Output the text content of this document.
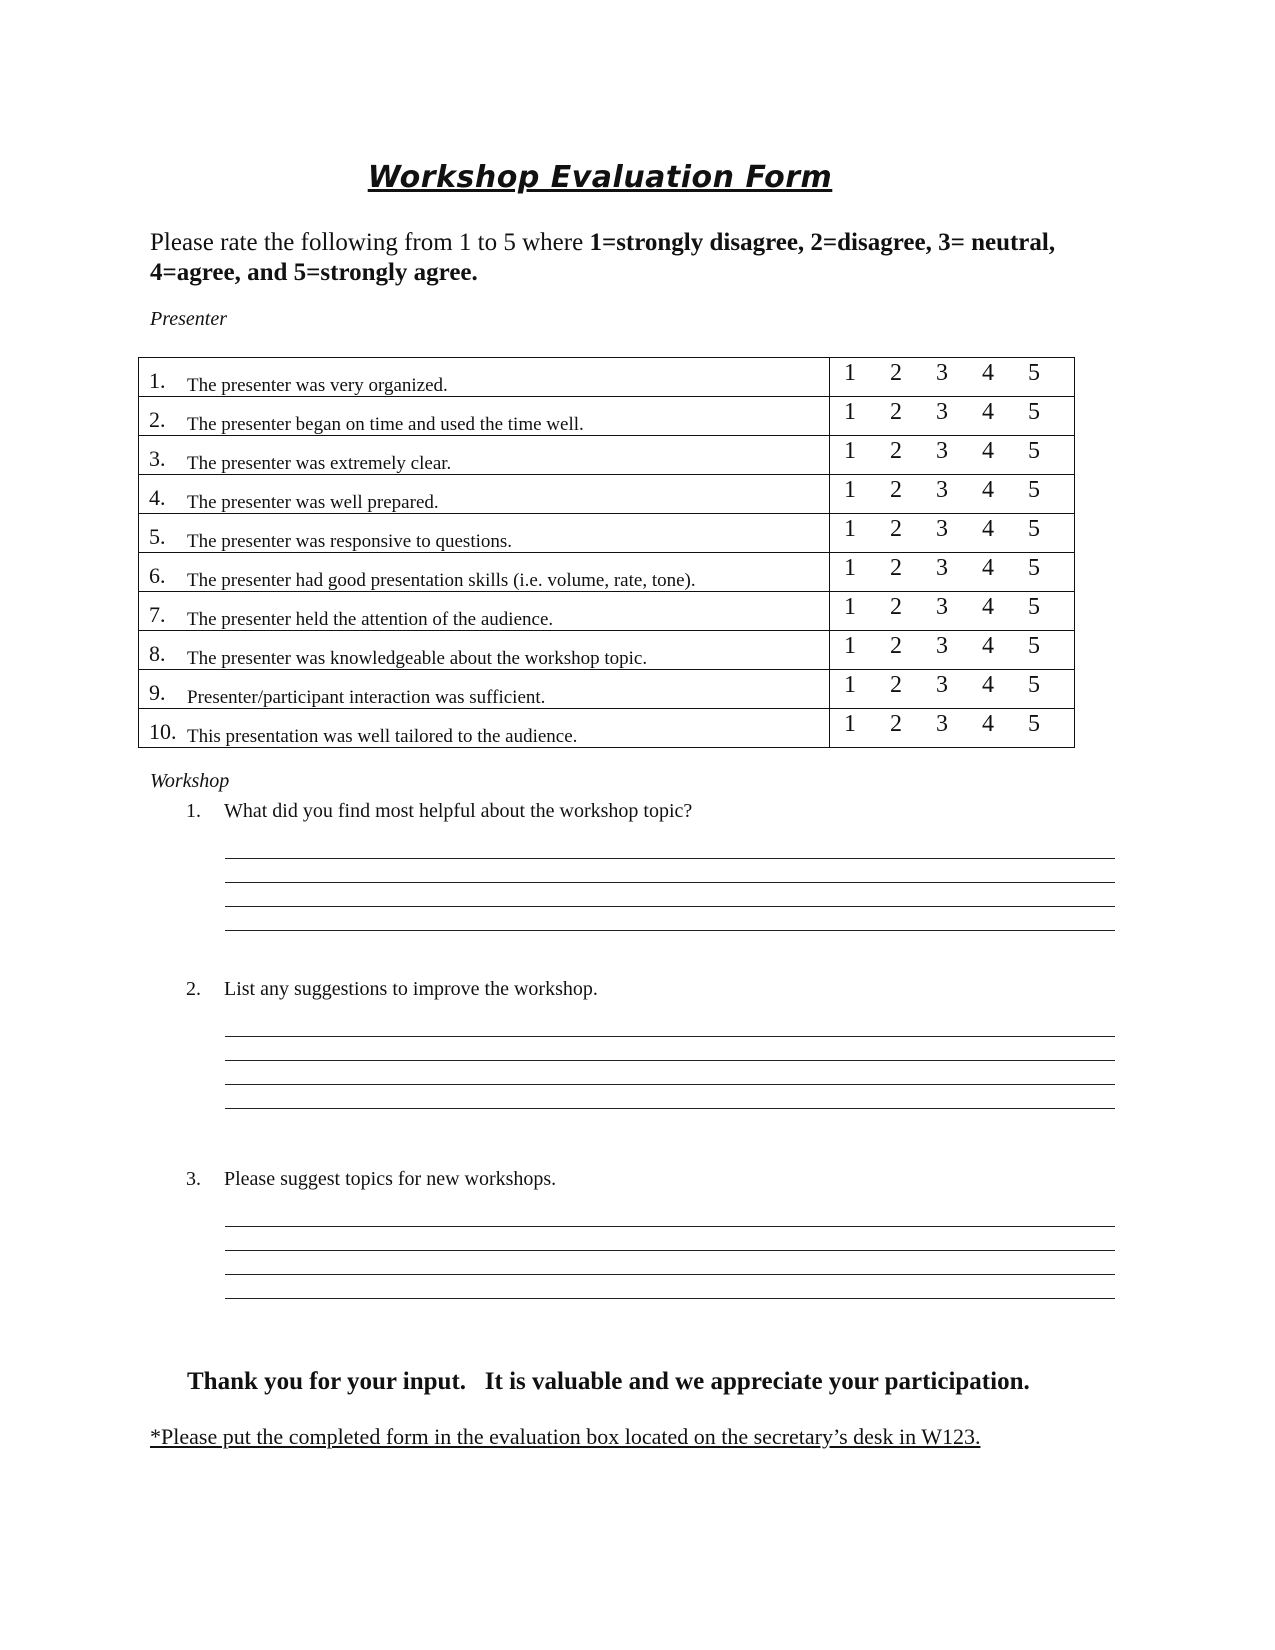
Workshop Evaluation Form
Please rate the following from 1 to 5 where 1=strongly disagree, 2=disagree, 3= neutral, 4=agree, and 5=strongly agree.
Presenter
1. The presenter was very organized.	1 2 3 4 5

2. The presenter began on time and used the time well.	1 2 3 4 5

3. The presenter was extremely clear.	1 2 3 4 5

4. The presenter was well prepared.	1 2 3 4 5

5. The presenter was responsive to questions.	1 2 3 4 5

6. The presenter had good presentation skills (i.e. volume, rate, tone).	1 2 3 4 5

7. The presenter held the attention of the audience.	1 2 3 4 5

8. The presenter was knowledgeable about the workshop topic.	1 2 3 4 5

9. Presenter/participant interaction was sufficient.	1 2 3 4 5

10. This presentation was well tailored to the audience.	1 2 3 4 5
Workshop
1. What did you find most helpful about the workshop topic?
2. List any suggestions to improve the workshop.
3. Please suggest topics for new workshops.
Thank you for your input.   It is valuable and we appreciate your participation.
*Please put the completed form in the evaluation box located on the secretary’s desk in W123.
